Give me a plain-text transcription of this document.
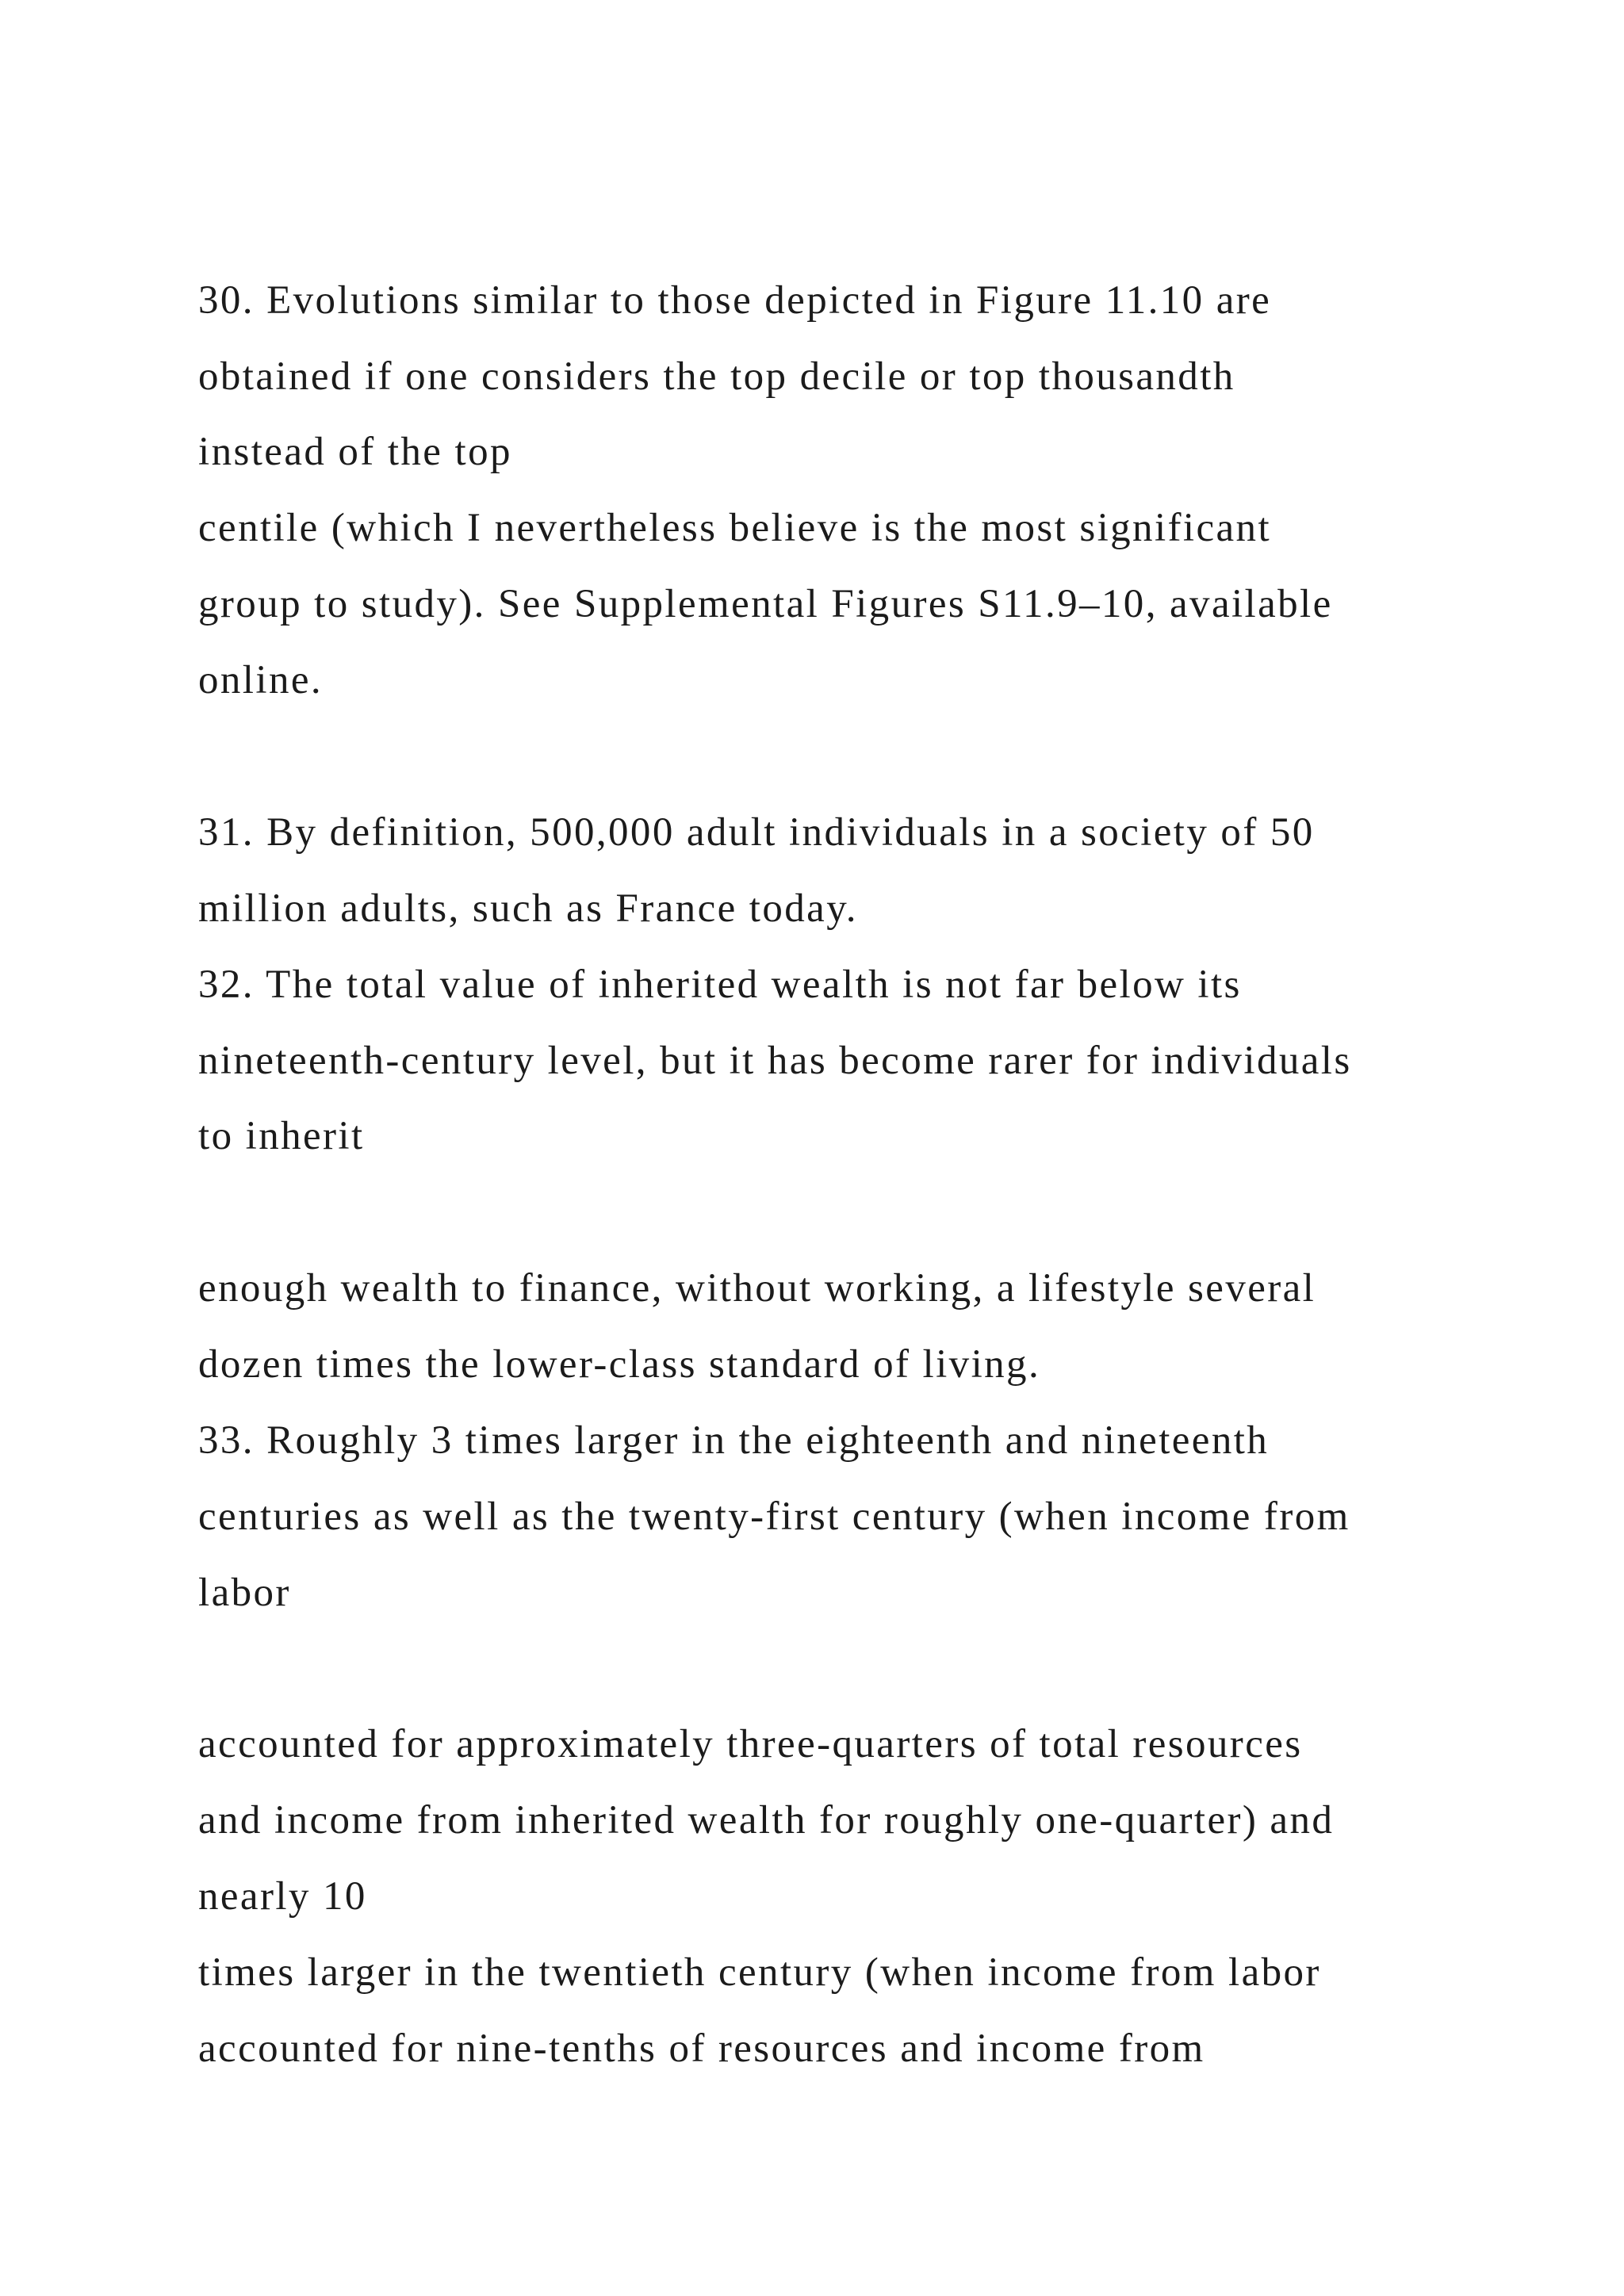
30. Evolutions similar to those depicted in Figure 11.10 are

obtained if one considers the top decile or top thousandth

instead of the top

centile (which I nevertheless believe is the most significant

group to study). See Supplemental Figures S11.9–10, available

online.

31. By definition, 500,000 adult individuals in a society of 50

million adults, such as France today.

32. The total value of inherited wealth is not far below its

nineteenth-century level, but it has become rarer for individuals

to inherit

enough wealth to finance, without working, a lifestyle several

dozen times the lower-class standard of living.

33. Roughly 3 times larger in the eighteenth and nineteenth

centuries as well as the twenty-first century (when income from

labor

accounted for approximately three-quarters of total resources

and income from inherited wealth for roughly one-quarter) and

nearly 10

times larger in the twentieth century (when income from labor

accounted for nine-tenths of resources and income from
